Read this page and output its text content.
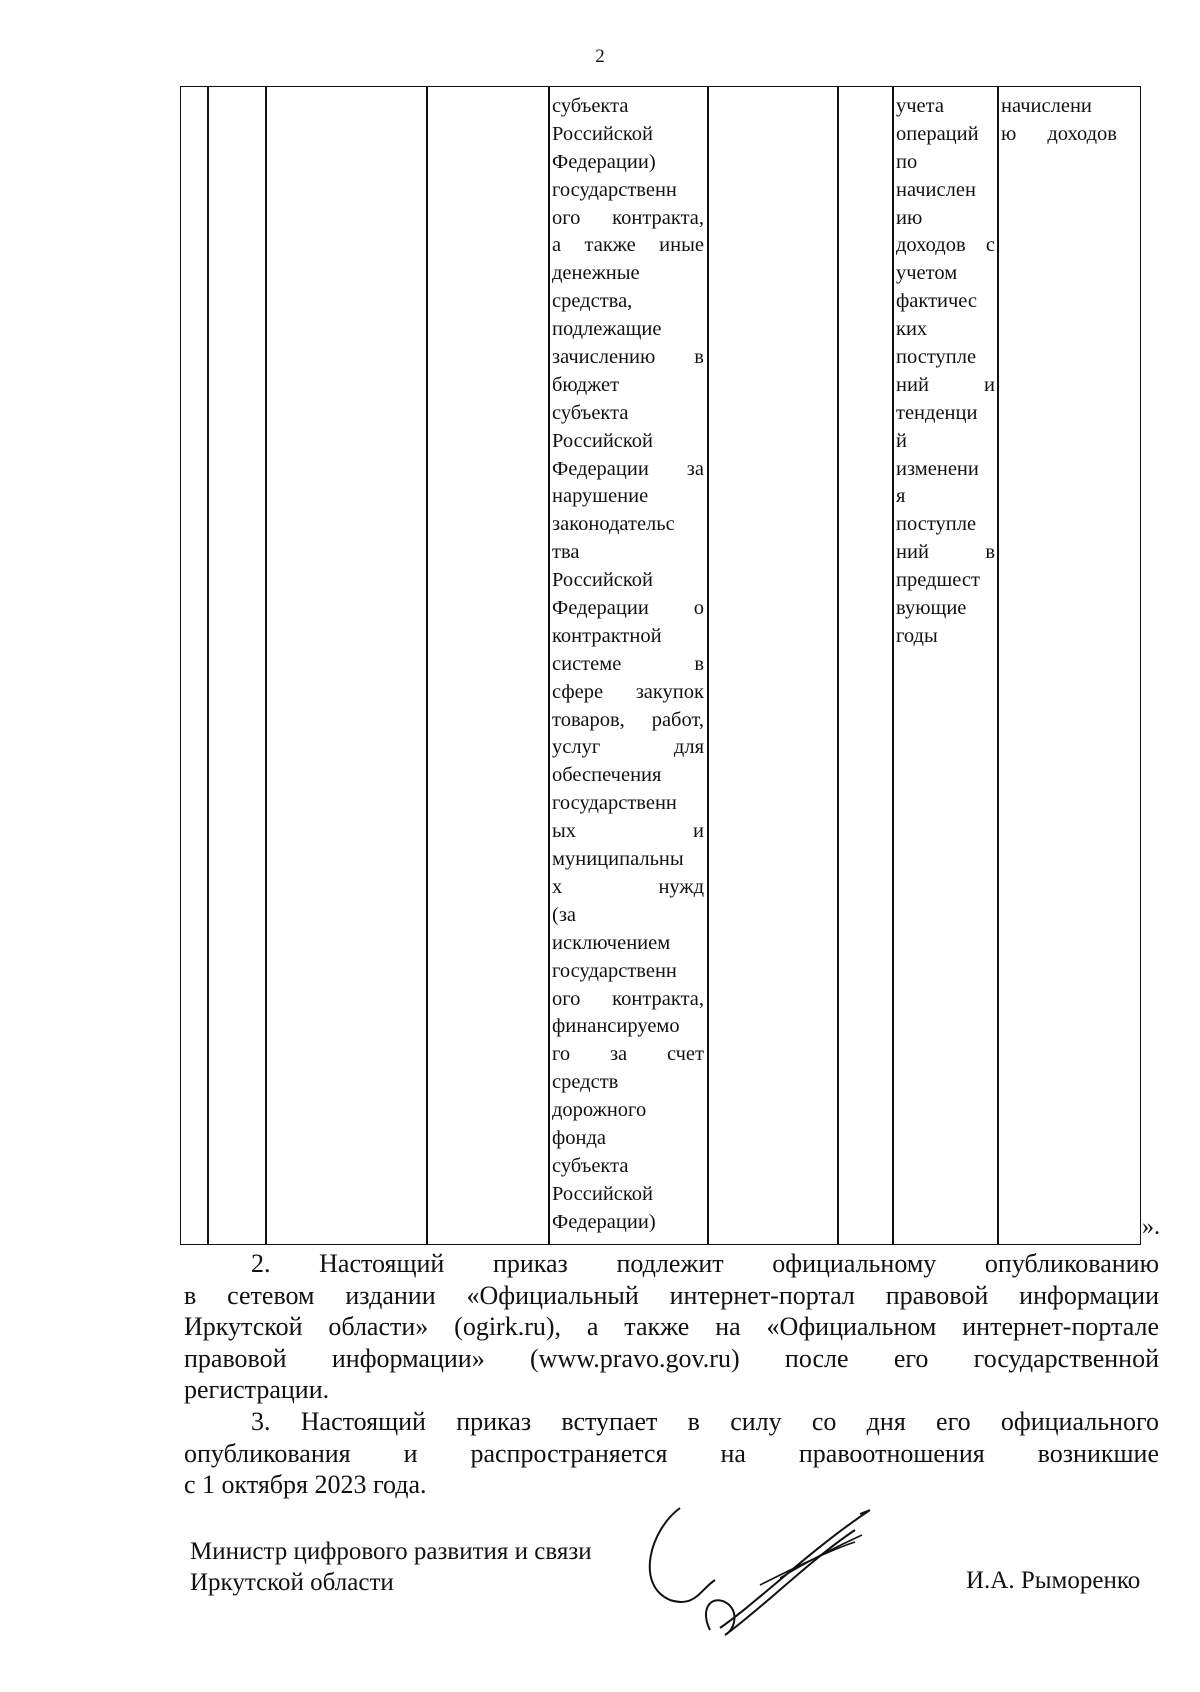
2
субъекта
Российской
Федерации)
государственн
ого контракта,
а также иные
денежные
средства,
подлежащие
зачислению в
бюджет
субъекта
Российской
Федерации за
нарушение
законодательс
тва
Российской
Федерации о
контрактной
системе в
сфере закупок
товаров, работ,
услуг для
обеспечения
государственн
ых и
муниципальны
х нужд
(за
исключением
государственн
ого контракта,
финансируемо
го за счет
средств
дорожного
фонда
субъекта
Российской
Федерации)
учета
операций
по
начислен
ию
доходов с
учетом
фактичес
ких
поступле
ний и
тенденци
й
изменени
я
поступле
ний в
предшест
вующие
годы
начислени
ю доходов
».
2. Настоящий приказ подлежит официальному опубликованию
в сетевом издании «Официальный интернет-портал правовой информации
Иркутской области» (ogirk.ru), а также на «Официальном интернет-портале
правовой информации» (www.pravo.gov.ru) после его государственной
регистрации.
3. Настоящий приказ вступает в силу со дня его официального
опубликования и распространяется на правоотношения возникшие
с 1 октября 2023 года.
Министр цифрового развития и связи
Иркутской области	И.А. Рыморенко
